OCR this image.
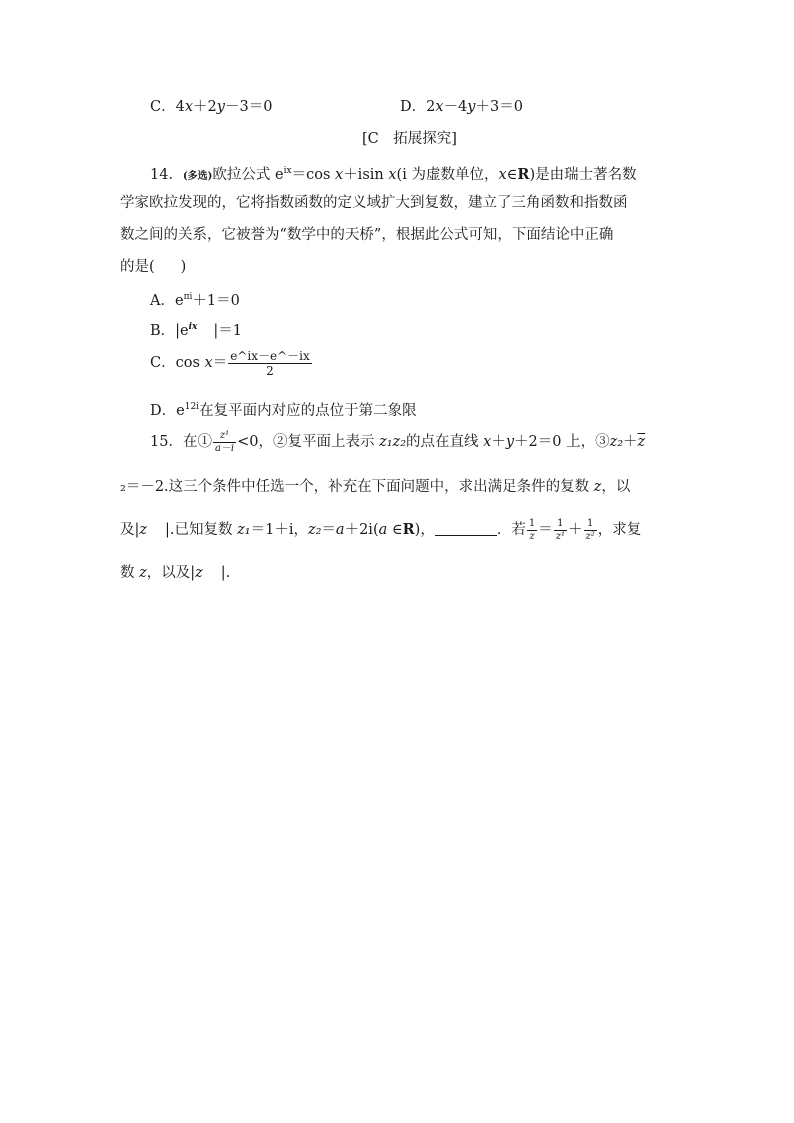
C．4x＋2y－3＝0	D．2x－4y＋3＝0
[C　拓展探究]
14．(多选)欧拉公式 $e^{ix}=\cos$ x＋isin x(i 为虚数单位，x∈R)是由瑞士著名数
学家欧拉发现的，它将指数函数的定义域扩大到复数，建立了三角函数和指数函
数之间的关系，它被誉为“数学中的天桥”，根据此公式可知，下面结论中正确
的是( )
A．$e^{\pi i}+1=0$
B．$|e^{ix}$ |＝1
C．$\cos x= \frac{e\^{}ix-e\^{}-ix}{2}$
D．$e^{12i}$在复平面内对应的点位于第二象限
15．在① $\frac{\text{z¹}}{a-i} <0$，②复平面上表示 z₁z₂的点在直线 x＋y＋2＝0 上，$③z_2+\overline{z}$
₂＝－2.这三个条件中任选一个，补充在下面问题中，求出满足条件的复数 z，以
及|z |.已知复数 z₁＝1＋i，z₂＝a＋2i(a ∈R)，	．若 $\frac{1}{z} = \frac{1}{\text{z¹}} + \frac{1}{\text{z²}}$ ，求复
数 z，以及|z |.
